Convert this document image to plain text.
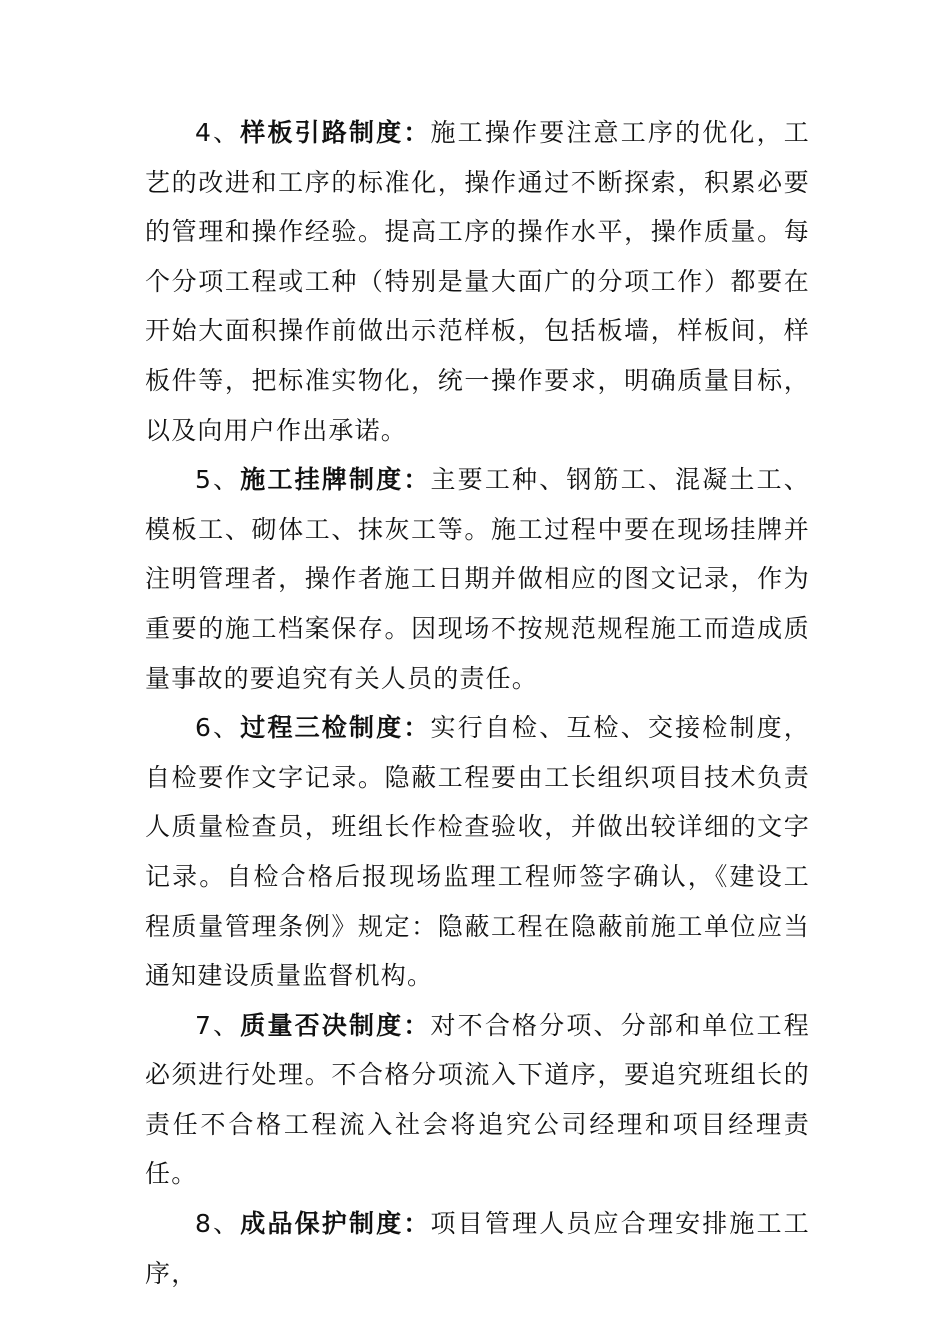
4、样板引路制度：施工操作要注意工序的优化，工艺的改进和工序的标准化，操作通过不断探索，积累必要的管理和操作经验。提高工序的操作水平，操作质量。每个分项工程或工种（特别是量大面广的分项工作）都要在开始大面积操作前做出示范样板，包括板墙，样板间，样板件等，把标准实物化，统一操作要求，明确质量目标，以及向用户作出承诺。

5、施工挂牌制度：主要工种、钢筋工、混凝土工、模板工、砌体工、抹灰工等。施工过程中要在现场挂牌并注明管理者，操作者施工日期并做相应的图文记录，作为重要的施工档案保存。因现场不按规范规程施工而造成质量事故的要追究有关人员的责任。

6、过程三检制度：实行自检、互检、交接检制度，自检要作文字记录。隐蔽工程要由工长组织项目技术负责人质量检查员，班组长作检查验收，并做出较详细的文字记录。自检合格后报现场监理工程师签字确认，《建设工程质量管理条例》规定：隐蔽工程在隐蔽前施工单位应当通知建设质量监督机构。

7、质量否决制度：对不合格分项、分部和单位工程必须进行处理。不合格分项流入下道序，要追究班组长的责任不合格工程流入社会将追究公司经理和项目经理责任。

8、成品保护制度：项目管理人员应合理安排施工工序，
